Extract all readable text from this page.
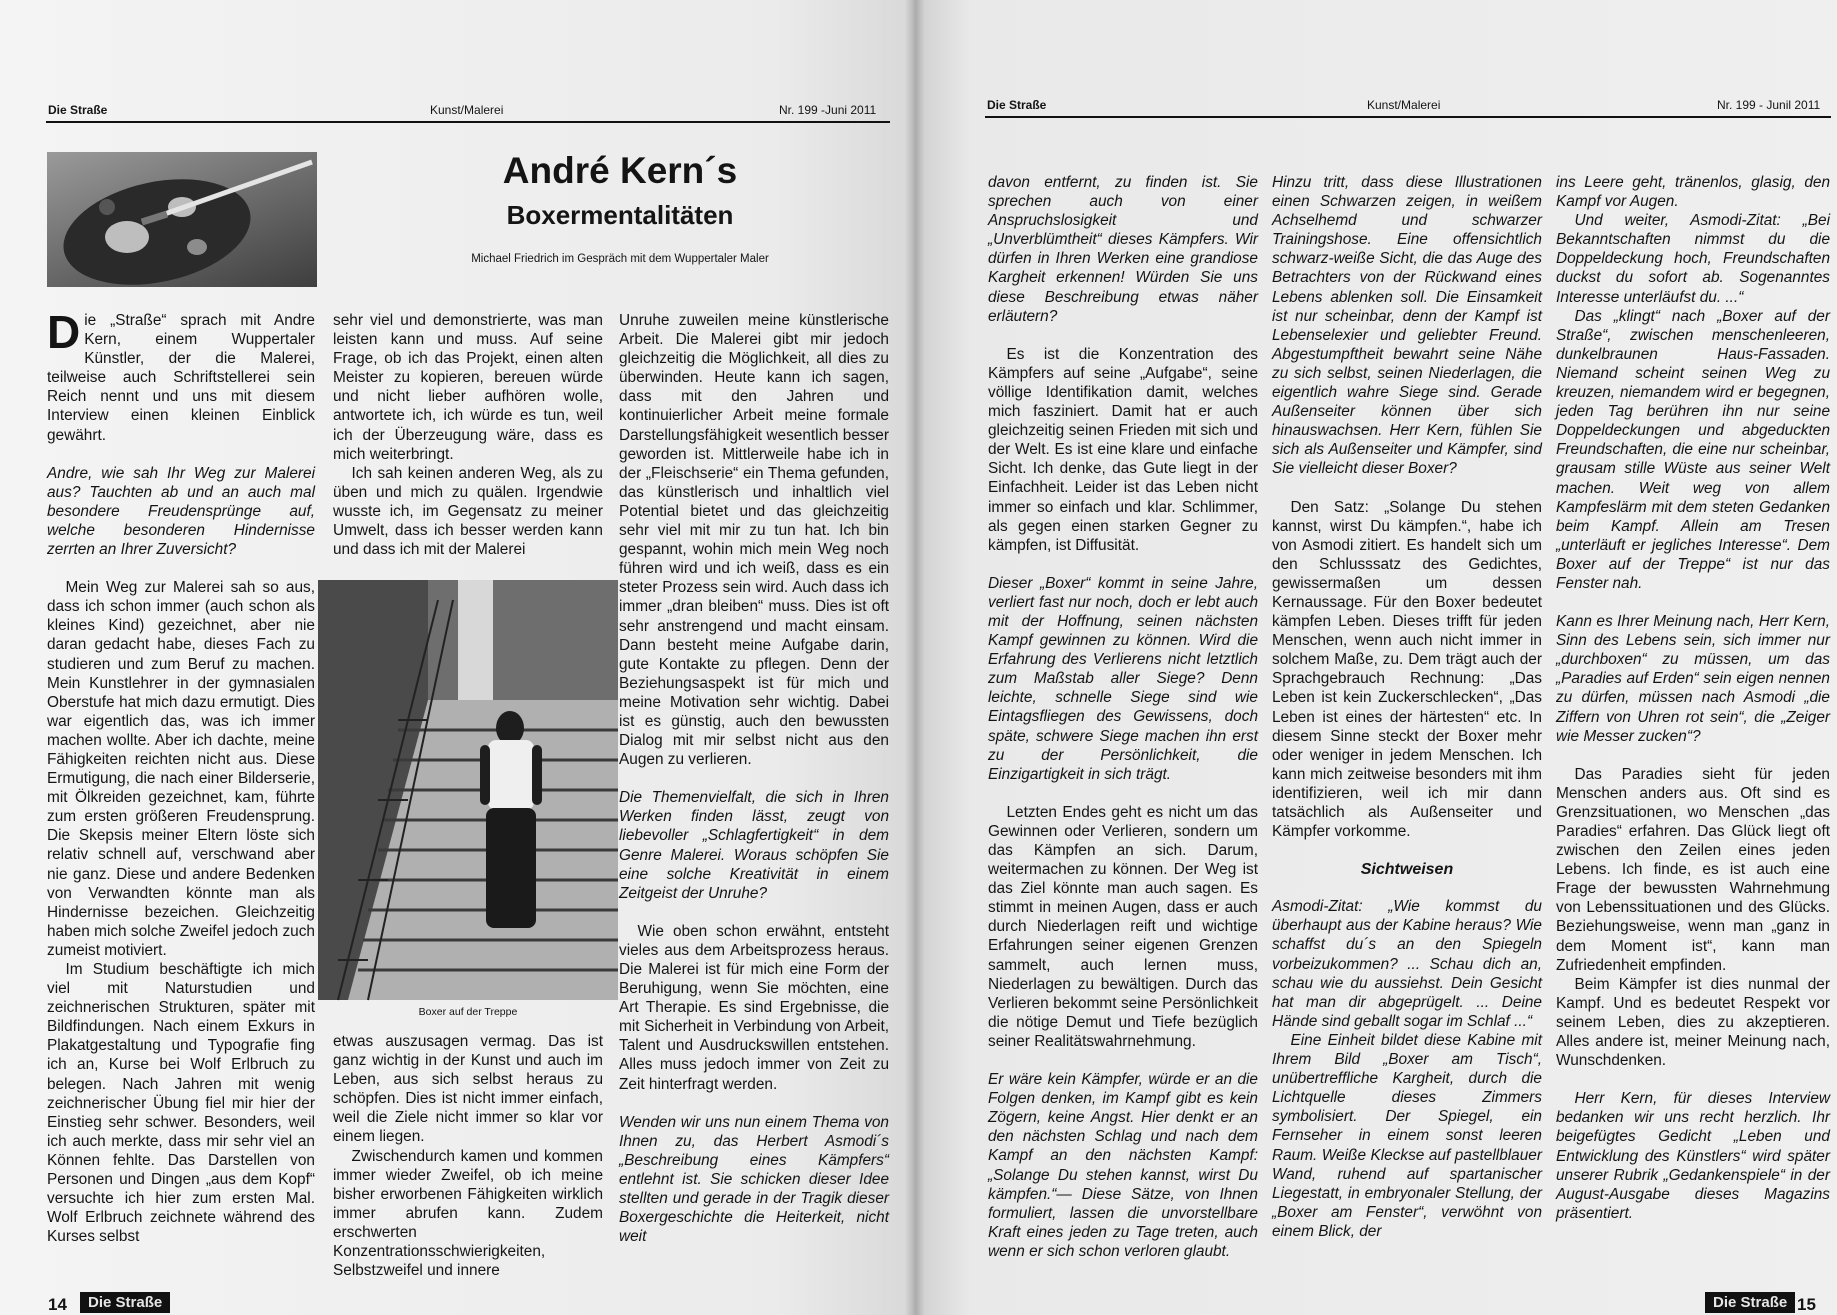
Die Straße	Kunst/Malerei	Nr. 199 -Juni 2011
André Kern´s
Boxermentalitäten
Michael Friedrich im Gespräch mit dem Wuppertaler Maler

Die „Straße“ sprach mit Andre Kern, einem Wuppertaler Künstler, der die Malerei, teilweise auch Schriftstellerei sein Reich nennt und uns mit diesem Interview einen kleinen Einblick gewährt.

Andre, wie sah Ihr Weg zur Malerei aus? Tauchten ab und an auch mal besondere Freudensprünge auf, welche besonderen Hindernisse zerrten an Ihrer Zuversicht?

Mein Weg zur Malerei sah so aus, dass ich schon immer (auch schon als kleines Kind) gezeichnet, aber nie daran gedacht habe, dieses Fach zu studieren und zum Beruf zu machen. Mein Kunstlehrer in der gymnasialen Oberstufe hat mich dazu ermutigt. Dies war eigentlich das, was ich immer machen wollte. Aber ich dachte, meine Fähigkeiten reichten nicht aus. Diese Ermutigung, die nach einer Bilderserie, mit Ölkreiden gezeichnet, kam, führte zum ersten größeren Freudensprung. Die Skepsis meiner Eltern löste sich relativ schnell auf, verschwand aber nie ganz. Diese und andere Bedenken von Verwandten könnte man als Hindernisse bezeichen. Gleichzeitig haben mich solche Zweifel jedoch zuch zumeist motiviert.

Im Studium beschäftigte ich mich viel mit Naturstudien und zeichnerischen Strukturen, später mit Bildfindungen. Nach einem Exkurs in Plakatgestaltung und Typografie fing ich an, Kurse bei Wolf Erlbruch zu belegen. Nach Jahren mit wenig zeichnerischer Übung fiel mir hier der Einstieg sehr schwer. Besonders, weil ich auch merkte, dass mir sehr viel an Können fehlte. Das Darstellen von Personen und Dingen „aus dem Kopf“ versuchte ich hier zum ersten Mal. Wolf Erlbruch zeichnete während des Kurses selbst

sehr viel und demonstrierte, was man leisten kann und muss. Auf seine Frage, ob ich das Projekt, einen alten Meister zu kopieren, bereuen würde und nicht lieber aufhören wolle, antwortete ich, ich würde es tun, weil ich der Überzeugung wäre, dass es mich weiterbringt.

Ich sah keinen anderen Weg, als zu üben und mich zu quälen. Irgendwie wusste ich, im Gegensatz zu meiner Umwelt, dass ich besser werden kann und dass ich mit der Malerei

Boxer auf der Treppe

etwas auszusagen vermag. Das ist ganz wichtig in der Kunst und auch im Leben, aus sich selbst heraus zu schöpfen. Dies ist nicht immer einfach, weil die Ziele nicht immer so klar vor einem liegen.

Zwischendurch kamen und kommen immer wieder Zweifel, ob ich meine bisher erworbenen Fähigkeiten wirklich immer abrufen kann. Zudem erschwerten Konzentrationsschwierigkeiten, Selbstzweifel und innere

Unruhe zuweilen meine künstlerische Arbeit. Die Malerei gibt mir jedoch gleichzeitig die Möglichkeit, all dies zu überwinden. Heute kann ich sagen, dass mit den Jahren und kontinuierlicher Arbeit meine formale Darstellungsfähigkeit wesentlich besser geworden ist. Mittlerweile habe ich in der „Fleischserie“ ein Thema gefunden, das künstlerisch und inhaltlich viel Potential bietet und das gleichzeitig sehr viel mit mir zu tun hat. Ich bin gespannt, wohin mich mein Weg noch führen wird und ich weiß, dass es ein steter Prozess sein wird. Auch dass ich immer „dran bleiben“ muss. Dies ist oft sehr anstrengend und macht einsam. Dann besteht meine Aufgabe darin, gute Kontakte zu pflegen. Denn der Beziehungsaspekt ist für mich und meine Motivation sehr wichtig. Dabei ist es günstig, auch den bewussten Dialog mit mir selbst nicht aus den Augen zu verlieren.

Die Themenvielfalt, die sich in Ihren Werken finden lässt, zeugt von liebevoller „Schlagfertigkeit“ in dem Genre Malerei. Woraus schöpfen Sie eine solche Kreativität in einem Zeitgeist der Unruhe?

Wie oben schon erwähnt, entsteht vieles aus dem Arbeitsprozess heraus. Die Malerei ist für mich eine Form der Beruhigung, wenn Sie möchten, eine Art Therapie. Es sind Ergebnisse, die mit Sicherheit in Verbindung von Arbeit, Talent und Ausdruckswillen entstehen. Alles muss jedoch immer von Zeit zu Zeit hinterfragt werden.

Wenden wir uns nun einem Thema von Ihnen zu, das Herbert Asmodi´s „Beschreibung eines Kämpfers“ entlehnt ist. Sie schicken dieser Idee stellten und gerade in der Tragik dieser Boxergeschichte die Heiterkeit, nicht weit

14	Die Straße
Die Straße	Kunst/Malerei	Nr. 199 - Junil 2011

davon entfernt, zu finden ist. Sie sprechen auch von einer Anspruchslosigkeit und „Unverblümtheit“ dieses Kämpfers. Wir dürfen in Ihren Werken eine grandiose Kargheit erkennen! Würden Sie uns diese Beschreibung etwas näher erläutern?

Es ist die Konzentration des Kämpfers auf seine „Aufgabe“, seine völlige Identifikation damit, welches mich fasziniert. Damit hat er auch gleichzeitig seinen Frieden mit sich und der Welt. Es ist eine klare und einfache Sicht. Ich denke, das Gute liegt in der Einfachheit. Leider ist das Leben nicht immer so einfach und klar. Schlimmer, als gegen einen starken Gegner zu kämpfen, ist Diffusität.

Dieser „Boxer“ kommt in seine Jahre, verliert fast nur noch, doch er lebt auch mit der Hoffnung, seinen nächsten Kampf gewinnen zu können. Wird die Erfahrung des Verlierens nicht letztlich zum Maßstab aller Siege? Denn leichte, schnelle Siege sind wie Eintagsfliegen des Gewissens, doch späte, schwere Siege machen ihn erst zu der Persönlichkeit, die Einzigartigkeit in sich trägt.

Letzten Endes geht es nicht um das Gewinnen oder Verlieren, sondern um das Kämpfen an sich. Darum, weitermachen zu können. Der Weg ist das Ziel könnte man auch sagen. Es stimmt in meinen Augen, dass er auch durch Niederlagen reift und wichtige Erfahrungen seiner eigenen Grenzen sammelt, auch lernen muss, Niederlagen zu bewältigen. Durch das Verlieren bekommt seine Persönlichkeit die nötige Demut und Tiefe bezüglich seiner Realitätswahrnehmung.

Er wäre kein Kämpfer, würde er an die Folgen denken, im Kampf gibt es kein Zögern, keine Angst. Hier denkt er an den nächsten Schlag und nach dem Kampf an den nächsten Kampf: „Solange Du stehen kannst, wirst Du kämpfen.“— Diese Sätze, von Ihnen formuliert, lassen die unvorstellbare Kraft eines jeden zu Tage treten, auch wenn er sich schon verloren glaubt.

Hinzu tritt, dass diese Illustrationen einen Schwarzen zeigen, in weißem Achselhemd und schwarzer Trainingshose. Eine offensichtlich schwarz-weiße Sicht, die das Auge des Betrachters von der Rückwand eines Lebens ablenken soll. Die Einsamkeit ist nur scheinbar, denn der Kampf ist Lebenselexier und geliebter Freund. Abgestumpftheit bewahrt seine Nähe zu sich selbst, seinen Niederlagen, die eigentlich wahre Siege sind. Gerade Außenseiter können über sich hinauswachsen. Herr Kern, fühlen Sie sich als Außenseiter und Kämpfer, sind Sie vielleicht dieser Boxer?

Den Satz: „Solange Du stehen kannst, wirst Du kämpfen.“, habe ich von Asmodi zitiert. Es handelt sich um den Schlusssatz des Gedichtes, gewissermaßen um dessen Kernaussage. Für den Boxer bedeutet kämpfen Leben. Dieses trifft für jeden Menschen, wenn auch nicht immer in solchem Maße, zu. Dem trägt auch der Sprachgebrauch Rechnung: „Das Leben ist kein Zuckerschlecken“, „Das Leben ist eines der härtesten“ etc. In diesem Sinne steckt der Boxer mehr oder weniger in jedem Menschen. Ich kann mich zeitweise besonders mit ihm identifizieren, weil ich mir dann tatsächlich als Außenseiter und Kämpfer vorkomme.

Sichtweisen

Asmodi-Zitat: „Wie kommst du überhaupt aus der Kabine heraus? Wie schaffst du´s an den Spiegeln vorbeizukommen? ... Schau dich an, schau wie du aussiehst. Dein Gesicht hat man dir abgeprügelt. ... Deine Hände sind geballt sogar im Schlaf ...“

Eine Einheit bildet diese Kabine mit Ihrem Bild „Boxer am Tisch“, unübertreffliche Kargheit, durch die Lichtquelle dieses Zimmers symbolisiert. Der Spiegel, ein Fernseher in einem sonst leeren Raum. Weiße Kleckse auf pastellblauer Wand, ruhend auf spartanischer Liegestatt, in embryonaler Stellung, der „Boxer am Fenster“, verwöhnt von einem Blick, der

ins Leere geht, tränenlos, glasig, den Kampf vor Augen.

Und weiter, Asmodi-Zitat: „Bei Bekanntschaften nimmst du die Doppeldeckung hoch, Freundschaften duckst du sofort ab. Sogenanntes Interesse unterläufst du. ...“

Das „klingt“ nach „Boxer auf der Straße“, zwischen menschenleeren, dunkelbraunen Haus-Fassaden. Niemand scheint seinen Weg zu kreuzen, niemandem wird er begegnen, jeden Tag berühren ihn nur seine Doppeldeckungen und abgeduckten Freundschaften, die eine nur scheinbar, grausam stille Wüste aus seiner Welt machen. Weit weg von allem Kampfeslärm mit dem steten Gedanken beim Kampf. Allein am Tresen „unterläuft er jegliches Interesse“. Dem Boxer auf der Treppe“ ist nur das Fenster nah.

Kann es Ihrer Meinung nach, Herr Kern, Sinn des Lebens sein, sich immer nur „durchboxen“ zu müssen, um das „Paradies auf Erden“ sein eigen nennen zu dürfen, müssen nach Asmodi „die Ziffern von Uhren rot sein“, die „Zeiger wie Messer zucken“?

Das Paradies sieht für jeden Menschen anders aus. Oft sind es Grenzsituationen, wo Menschen „das Paradies“ erfahren. Das Glück liegt oft zwischen den Zeilen eines jeden Lebens. Ich finde, es ist auch eine Frage der bewussten Wahrnehmung von Lebenssituationen und des Glücks. Beziehungsweise, wenn man „ganz in dem Moment ist“, kann man Zufriedenheit empfinden.

Beim Kämpfer ist dies nunmal der Kampf. Und es bedeutet Respekt vor seinem Leben, dies zu akzeptieren. Alles andere ist, meiner Meinung nach, Wunschdenken.

Herr Kern, für dieses Interview bedanken wir uns recht herzlich. Ihr beigefügtes Gedicht „Leben und Entwicklung des Künstlers“ wird später unserer Rubrik „Gedankenspiele“ in der August-Ausgabe dieses Magazins präsentiert.

Die Straße 15
